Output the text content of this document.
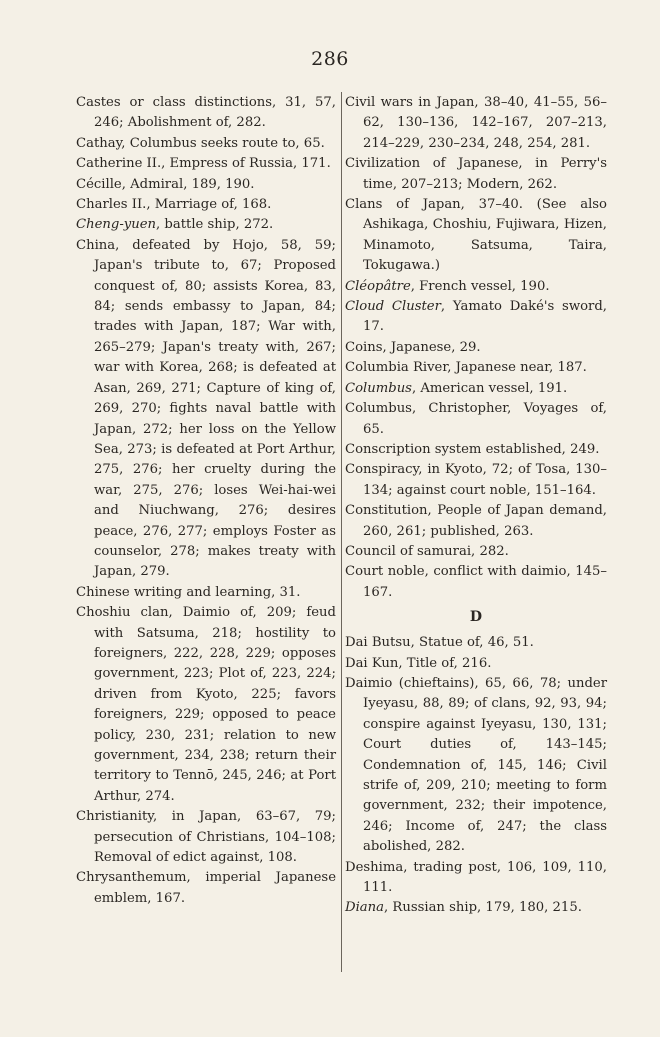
286

Castes or class distinctions, 31, 57, 246; Abolishment of, 282.

Cathay, Columbus seeks route to, 65.

Catherine II., Empress of Russia, 171.

Cécille, Admiral, 189, 190.

Charles II., Marriage of, 168.

Cheng-yuen, battle ship, 272.

China, defeated by Hojo, 58, 59; Japan's tribute to, 67; Proposed conquest of, 80; assists Korea, 83, 84; sends embassy to Japan, 84; trades with Japan, 187; War with, 265–279; Japan's treaty with, 267; war with Korea, 268; is defeated at Asan, 269, 271; Capture of king of, 269, 270; fights naval battle with Japan, 272; her loss on the Yellow Sea, 273; is defeated at Port Arthur, 275, 276; her cruelty during the war, 275, 276; loses Wei-hai-wei and Niuchwang, 276; desires peace, 276, 277; employs Foster as counselor, 278; makes treaty with Japan, 279.

Chinese writing and learning, 31.

Choshiu clan, Daimio of, 209; feud with Satsuma, 218; hostility to foreigners, 222, 228, 229; opposes government, 223; Plot of, 223, 224; driven from Kyoto, 225; favors foreigners, 229; opposed to peace policy, 230, 231; relation to new government, 234, 238; return their territory to Tennō, 245, 246; at Port Arthur, 274.

Christianity, in Japan, 63–67, 79; persecution of Christians, 104–108; Removal of edict against, 108.

Chrysanthemum, imperial Japanese emblem, 167.

Civil wars in Japan, 38–40, 41–55, 56–62, 130–136, 142–167, 207–213, 214–229, 230–234, 248, 254, 281.

Civilization of Japanese, in Perry's time, 207–213; Modern, 262.

Clans of Japan, 37–40. (See also Ashikaga, Choshiu, Fujiwara, Hizen, Minamoto, Satsuma, Taira, Tokugawa.)

Cléopâtre, French vessel, 190.

Cloud Cluster, Yamato Daké's sword, 17.

Coins, Japanese, 29.

Columbia River, Japanese near, 187.

Columbus, American vessel, 191.

Columbus, Christopher, Voyages of, 65.

Conscription system established, 249.

Conspiracy, in Kyoto, 72; of Tosa, 130–134; against court noble, 151–164.

Constitution, People of Japan demand, 260, 261; published, 263.

Council of samurai, 282.

Court noble, conflict with daimio, 145–167.

D

Dai Butsu, Statue of, 46, 51.

Dai Kun, Title of, 216.

Daimio (chieftains), 65, 66, 78; under Iyeyasu, 88, 89; of clans, 92, 93, 94; conspire against Iyeyasu, 130, 131; Court duties of, 143–145; Condemnation of, 145, 146; Civil strife of, 209, 210; meeting to form government, 232; their impotence, 246; Income of, 247; the class abolished, 282.

Deshima, trading post, 106, 109, 110, 111.

Diana, Russian ship, 179, 180, 215.
